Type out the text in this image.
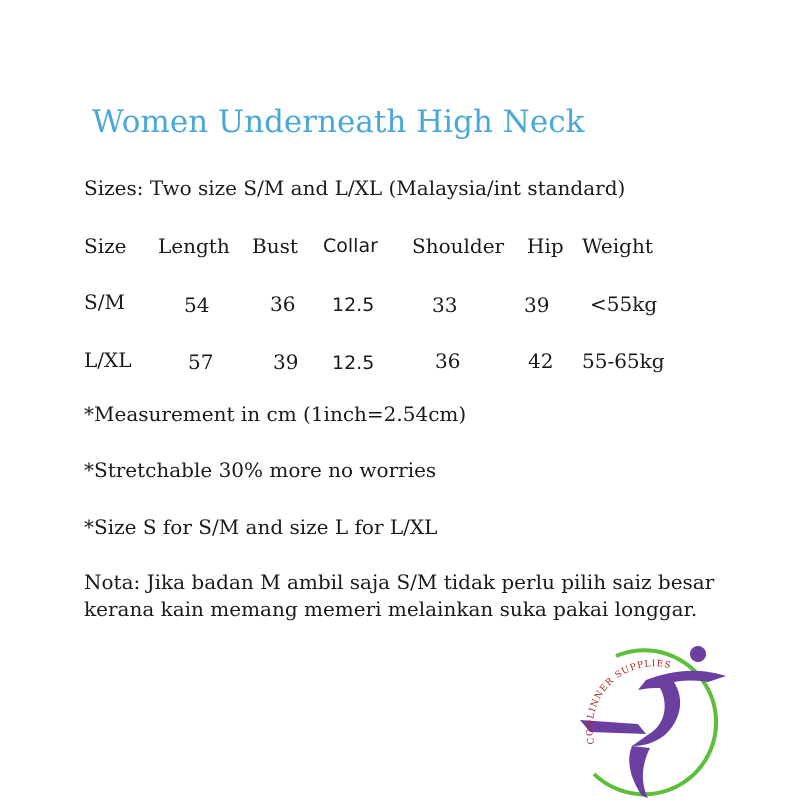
Women Underneath High Neck
Sizes: Two size S/M and L/XL (Malaysia/int standard)
Size Length Bust Collar Shoulder Hip Weight
S/M	54	36 12.5	33	39 <55kg
L/XL	57	39 12.5	36	42 55-65kg
*Measurement in cm (1inch=2.54cm)
*Stretchable 30% more no worries
*Size S for S/M and size L for L/XL
Nota: Jika badan M ambil saja S/M tidak perlu pilih saiz besar
kerana kain memang memeri melainkan suka pakai longgar.
COOLINNER SUPPLIES
